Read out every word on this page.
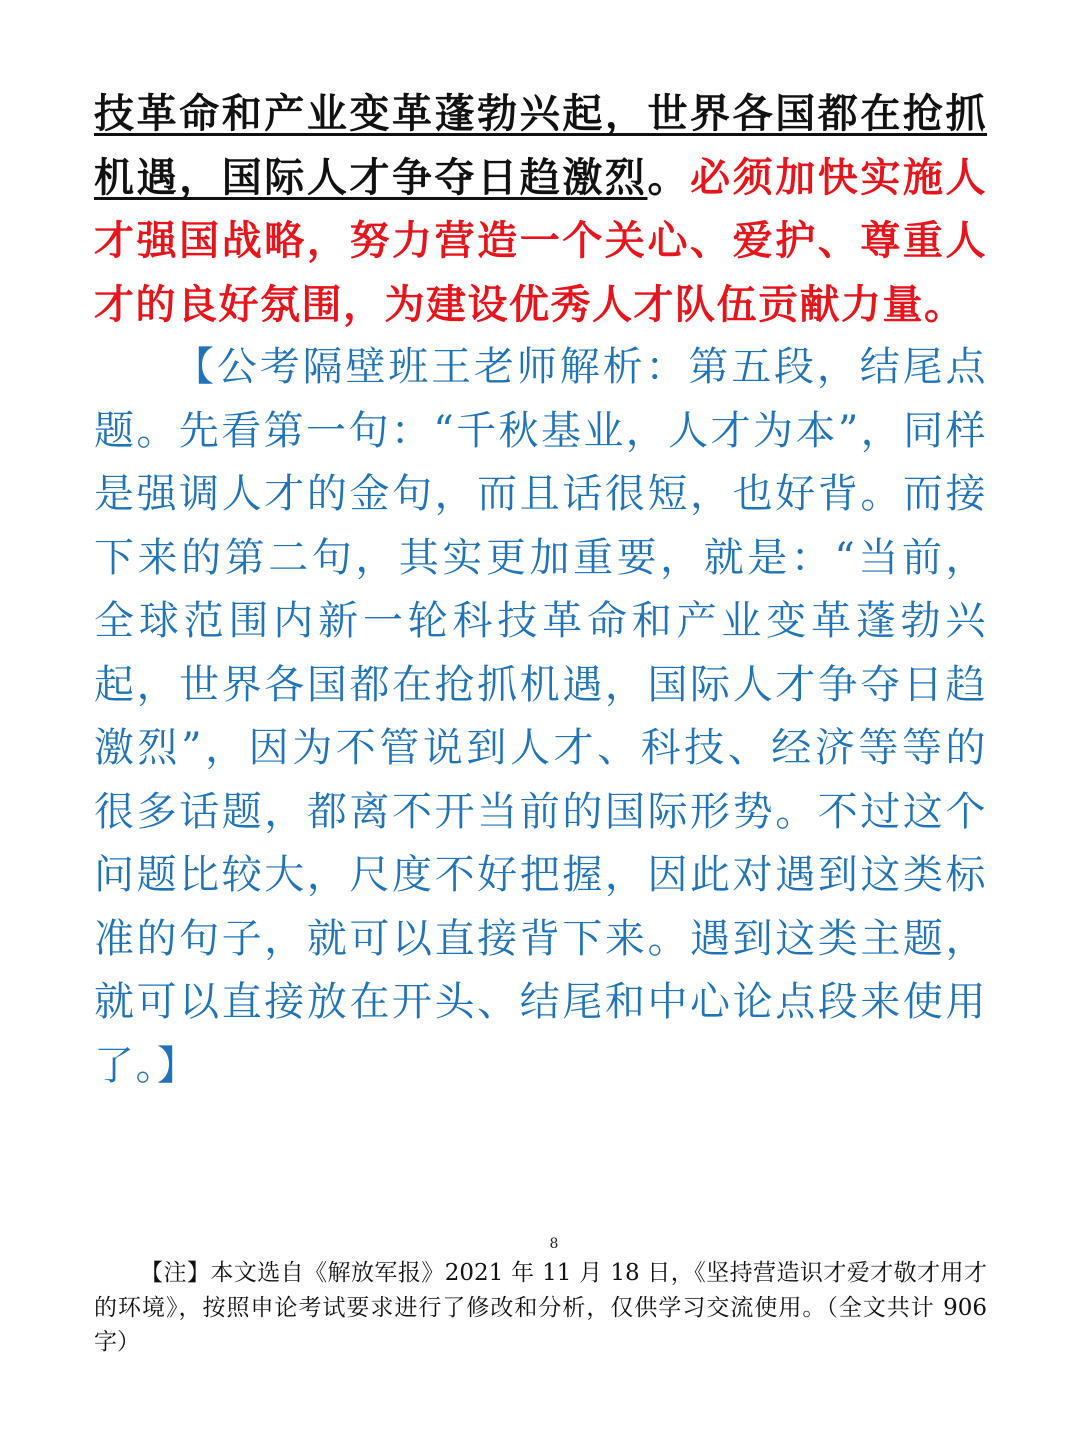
技革命和产业变革蓬勃兴起，世界各国都在抢抓机遇，国际人才争夺日趋激烈。必须加快实施人才强国战略，努力营造一个关心、爱护、尊重人才的良好氛围，为建设优秀人才队伍贡献力量。

【公考隔壁班王老师解析：第五段，结尾点题。先看第一句：“千秋基业，人才为本”，同样是强调人才的金句，而且话很短，也好背。而接下来的第二句，其实更加重要，就是：“当前，全球范围内新一轮科技革命和产业变革蓬勃兴起，世界各国都在抢抓机遇，国际人才争夺日趋激烈”，因为不管说到人才、科技、经济等等的很多话题，都离不开当前的国际形势。不过这个问题比较大，尺度不好把握，因此对遇到这类标准的句子，就可以直接背下来。遇到这类主题，就可以直接放在开头、结尾和中心论点段来使用了。】

8

【注】本文选自《解放军报》2021 年 11 月 18 日，《坚持营造识才爱才敬才用才的环境》，按照申论考试要求进行了修改和分析，仅供学习交流使用。（全文共计 906 字）
